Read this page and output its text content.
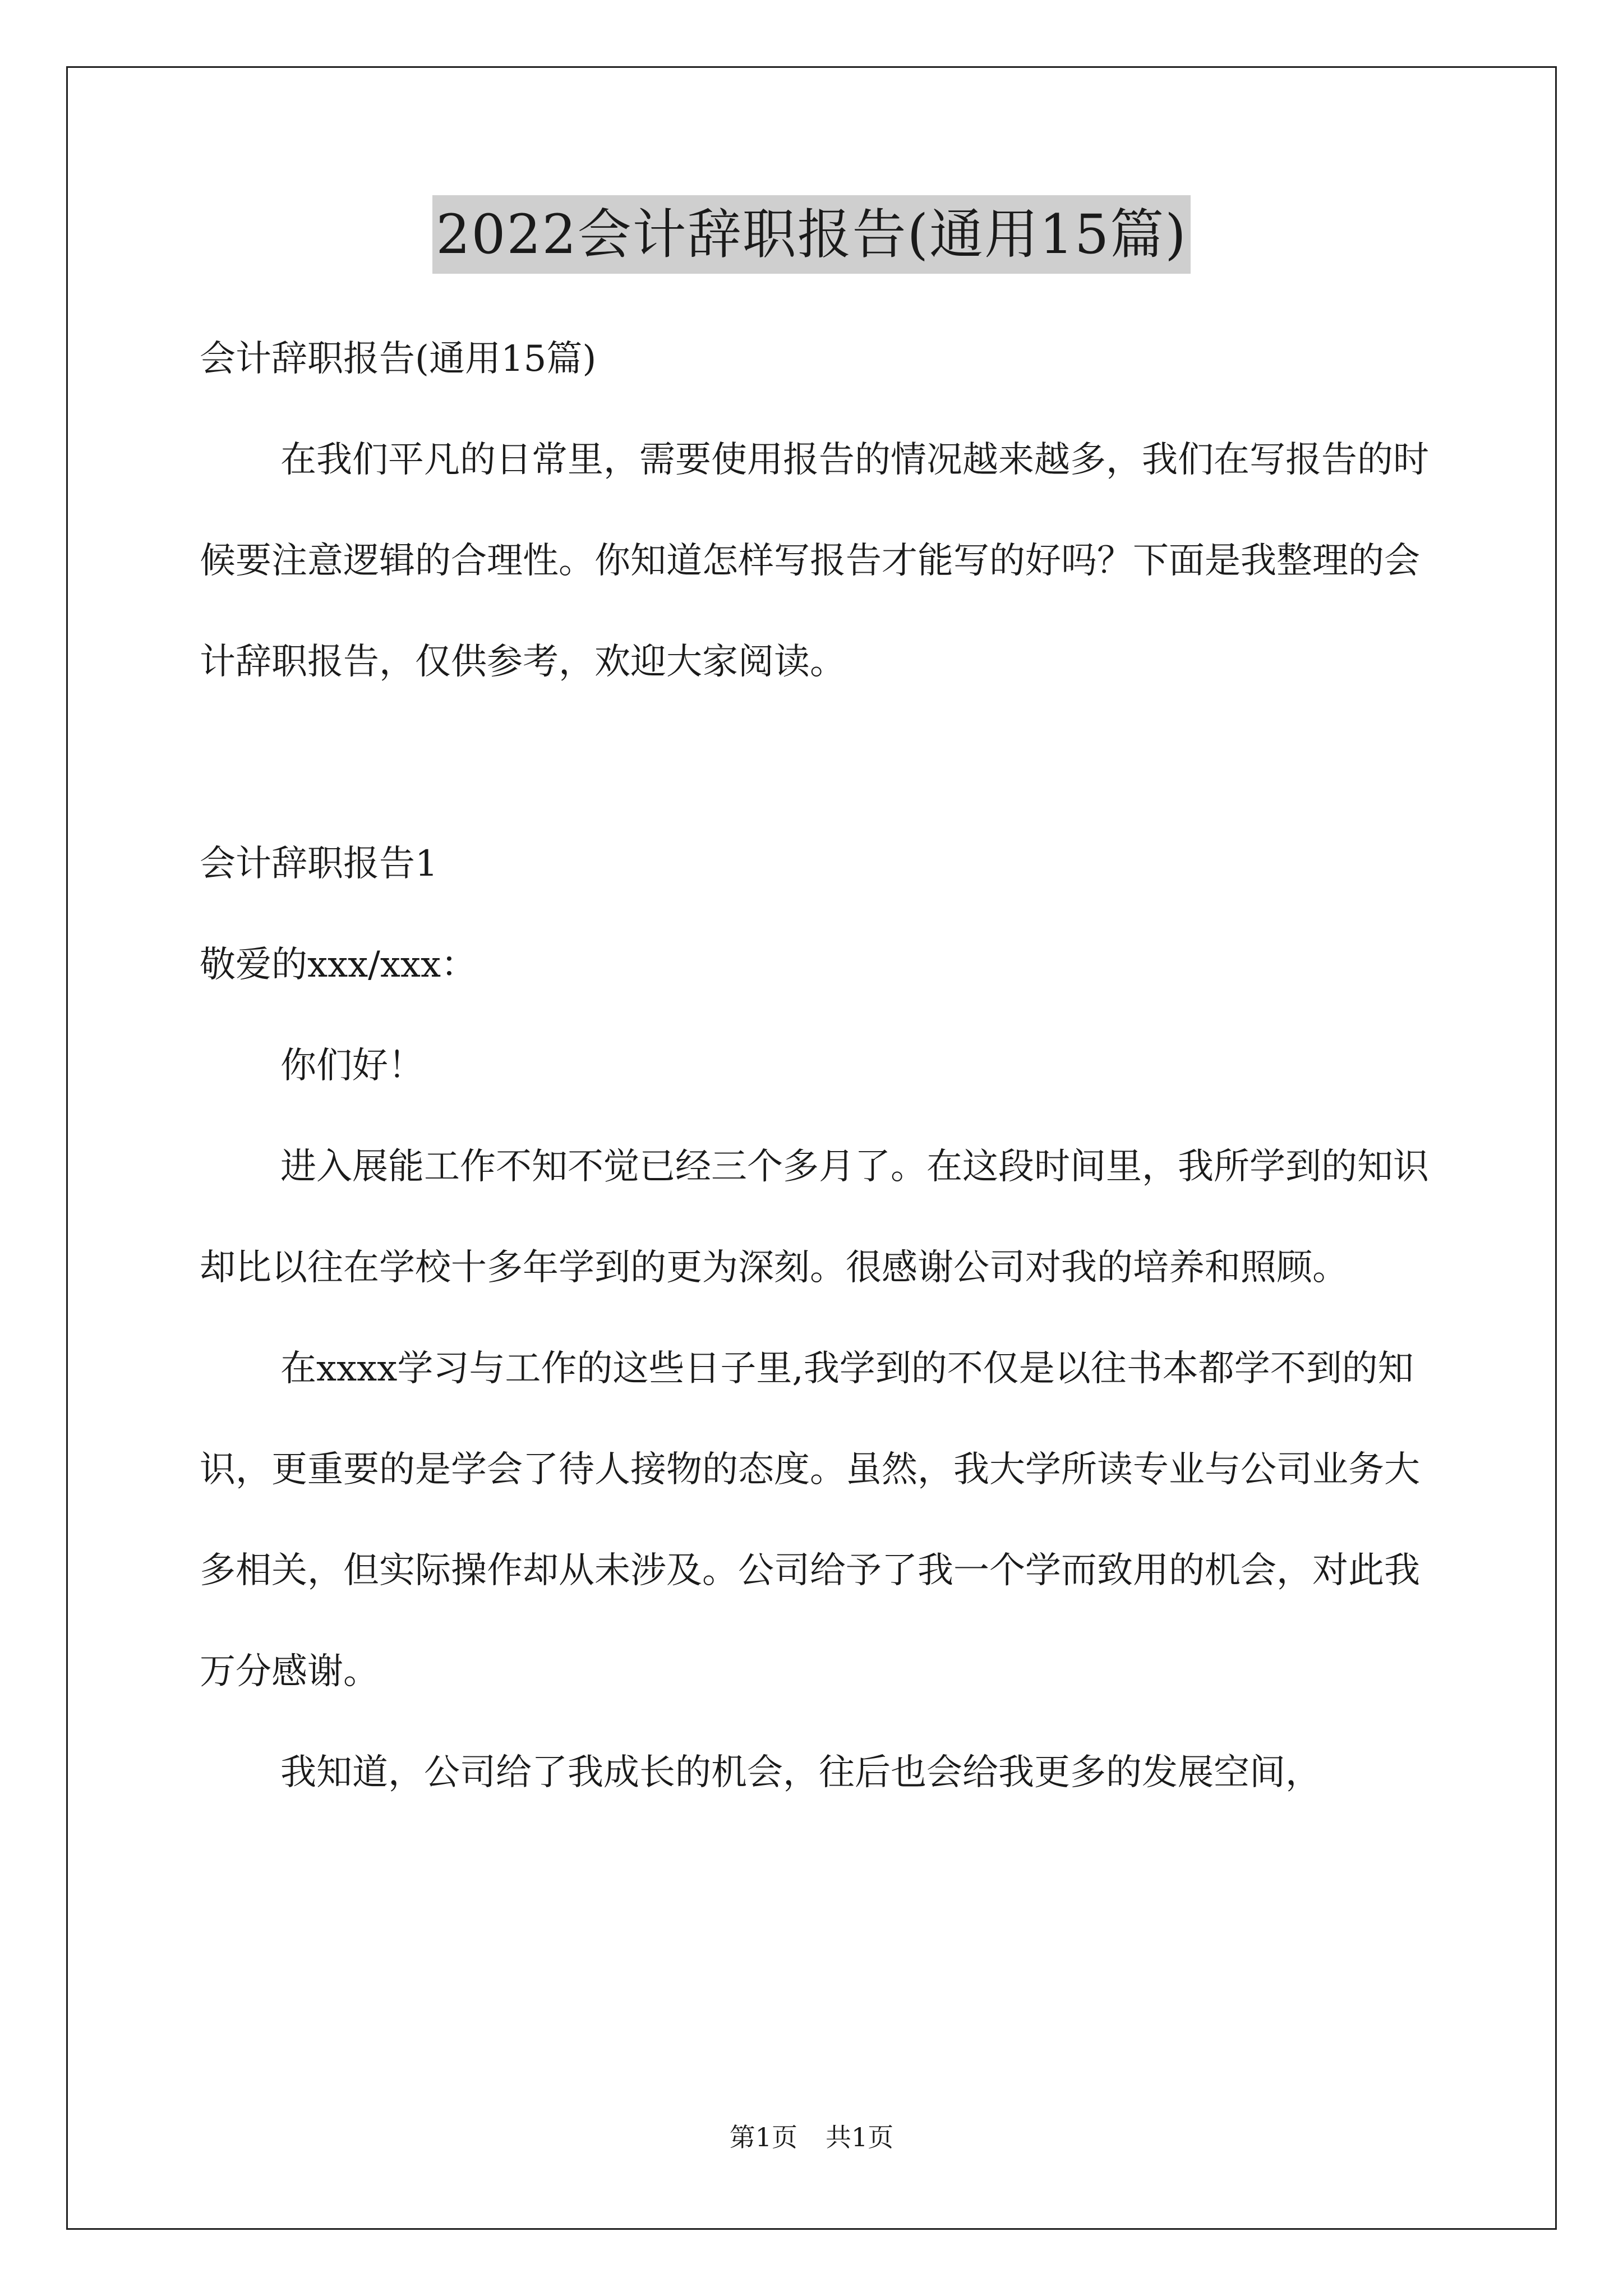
2022会计辞职报告(通用15篇)

会计辞职报告(通用15篇)

在我们平凡的日常里，需要使用报告的情况越来越多，我们在写报告的时候要注意逻辑的合理性。你知道怎样写报告才能写的好吗？下面是我整理的会计辞职报告，仅供参考，欢迎大家阅读。

会计辞职报告1

敬爱的xxx/xxx：

你们好！

进入展能工作不知不觉已经三个多月了。在这段时间里，我所学到的知识却比以往在学校十多年学到的更为深刻。很感谢公司对我的培养和照顾。

在xxxx学习与工作的这些日子里,我学到的不仅是以往书本都学不到的知识，更重要的是学会了待人接物的态度。虽然，我大学所读专业与公司业务大多相关，但实际操作却从未涉及。公司给予了我一个学而致用的机会，对此我万分感谢。

我知道，公司给了我成长的机会，往后也会给我更多的发展空间，

第1页 共1页
